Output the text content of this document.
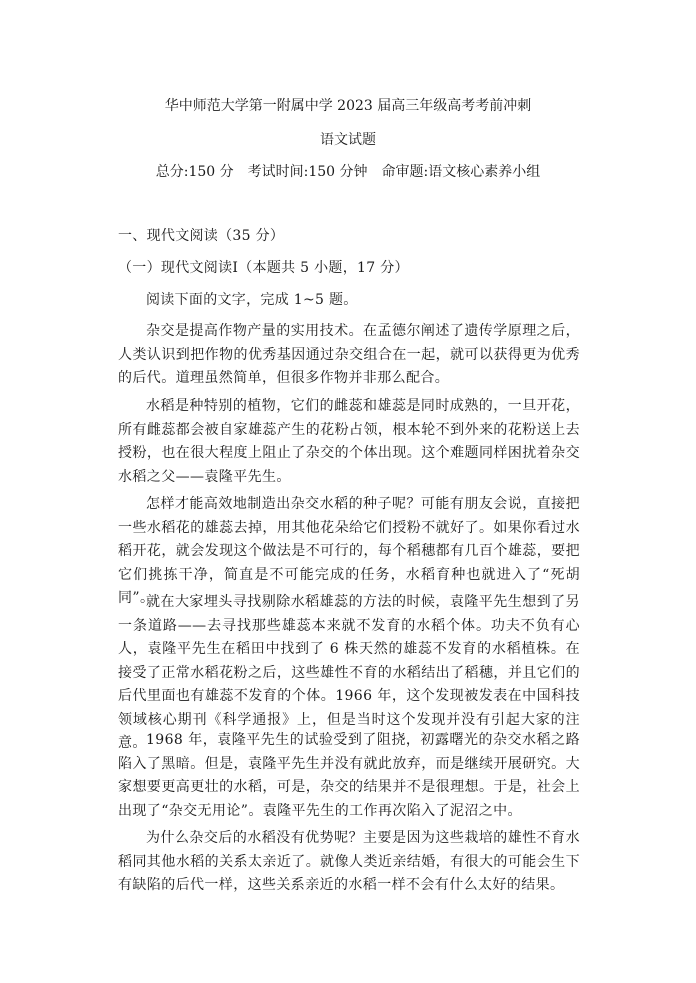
华中师范大学第一附属中学 2023 届高三年级高考考前冲刺
语文试题
总分:150 分　考试时间:150 分钟　命审题:语文核心素养小组
一、现代文阅读（35 分）
（一）现代文阅读Ⅰ（本题共 5 小题，17 分）
阅读下面的文字，完成 1~5 题。

杂交是提高作物产量的实用技术。在孟德尔阐述了遗传学原理之后，人类认识到把作物的优秀基因通过杂交组合在一起，就可以获得更为优秀的后代。道理虽然简单，但很多作物并非那么配合。

水稻是种特别的植物，它们的雌蕊和雄蕊是同时成熟的，一旦开花，所有雌蕊都会被自家雄蕊产生的花粉占领，根本轮不到外来的花粉送上去授粉，也在很大程度上阻止了杂交的个体出现。这个难题同样困扰着杂交水稻之父——袁隆平先生。

怎样才能高效地制造出杂交水稻的种子呢？可能有朋友会说，直接把一些水稻花的雄蕊去掉，用其他花朵给它们授粉不就好了。如果你看过水稻开花，就会发现这个做法是不可行的，每个稻穗都有几百个雄蕊，要把它们挑拣干净，简直是不可能完成的任务，水稻育种也就进入了“死胡同”。

就在大家埋头寻找剔除水稻雄蕊的方法的时候，袁隆平先生想到了另一条道路——去寻找那些雄蕊本来就不发育的水稻个体。功夫不负有心人，袁隆平先生在稻田中找到了 6 株天然的雄蕊不发育的水稻植株。在接受了正常水稻花粉之后，这些雄性不育的水稻结出了稻穗，并且它们的后代里面也有雄蕊不发育的个体。1966 年，这个发现被发表在中国科技领域核心期刊《科学通报》上，但是当时这个发现并没有引起大家的注意。 1968 年，袁隆平先生的试验受到了阻挠，初露曙光的杂交水稻之路陷入了黑暗。但是，袁隆平先生并没有就此放弃，而是继续开展研究。大家想要更高更壮的水稻，可是，杂交的结果并不是很理想。于是，社会上出现了“杂交无用论”。袁隆平先生的工作再次陷入了泥沼之中。

为什么杂交后的水稻没有优势呢？主要是因为这些栽培的雄性不育水稻同其他水稻的关系太亲近了。就像人类近亲结婚，有很大的可能会生下有缺陷的后代一样，这些关系亲近的水稻一样不会有什么太好的结果。
